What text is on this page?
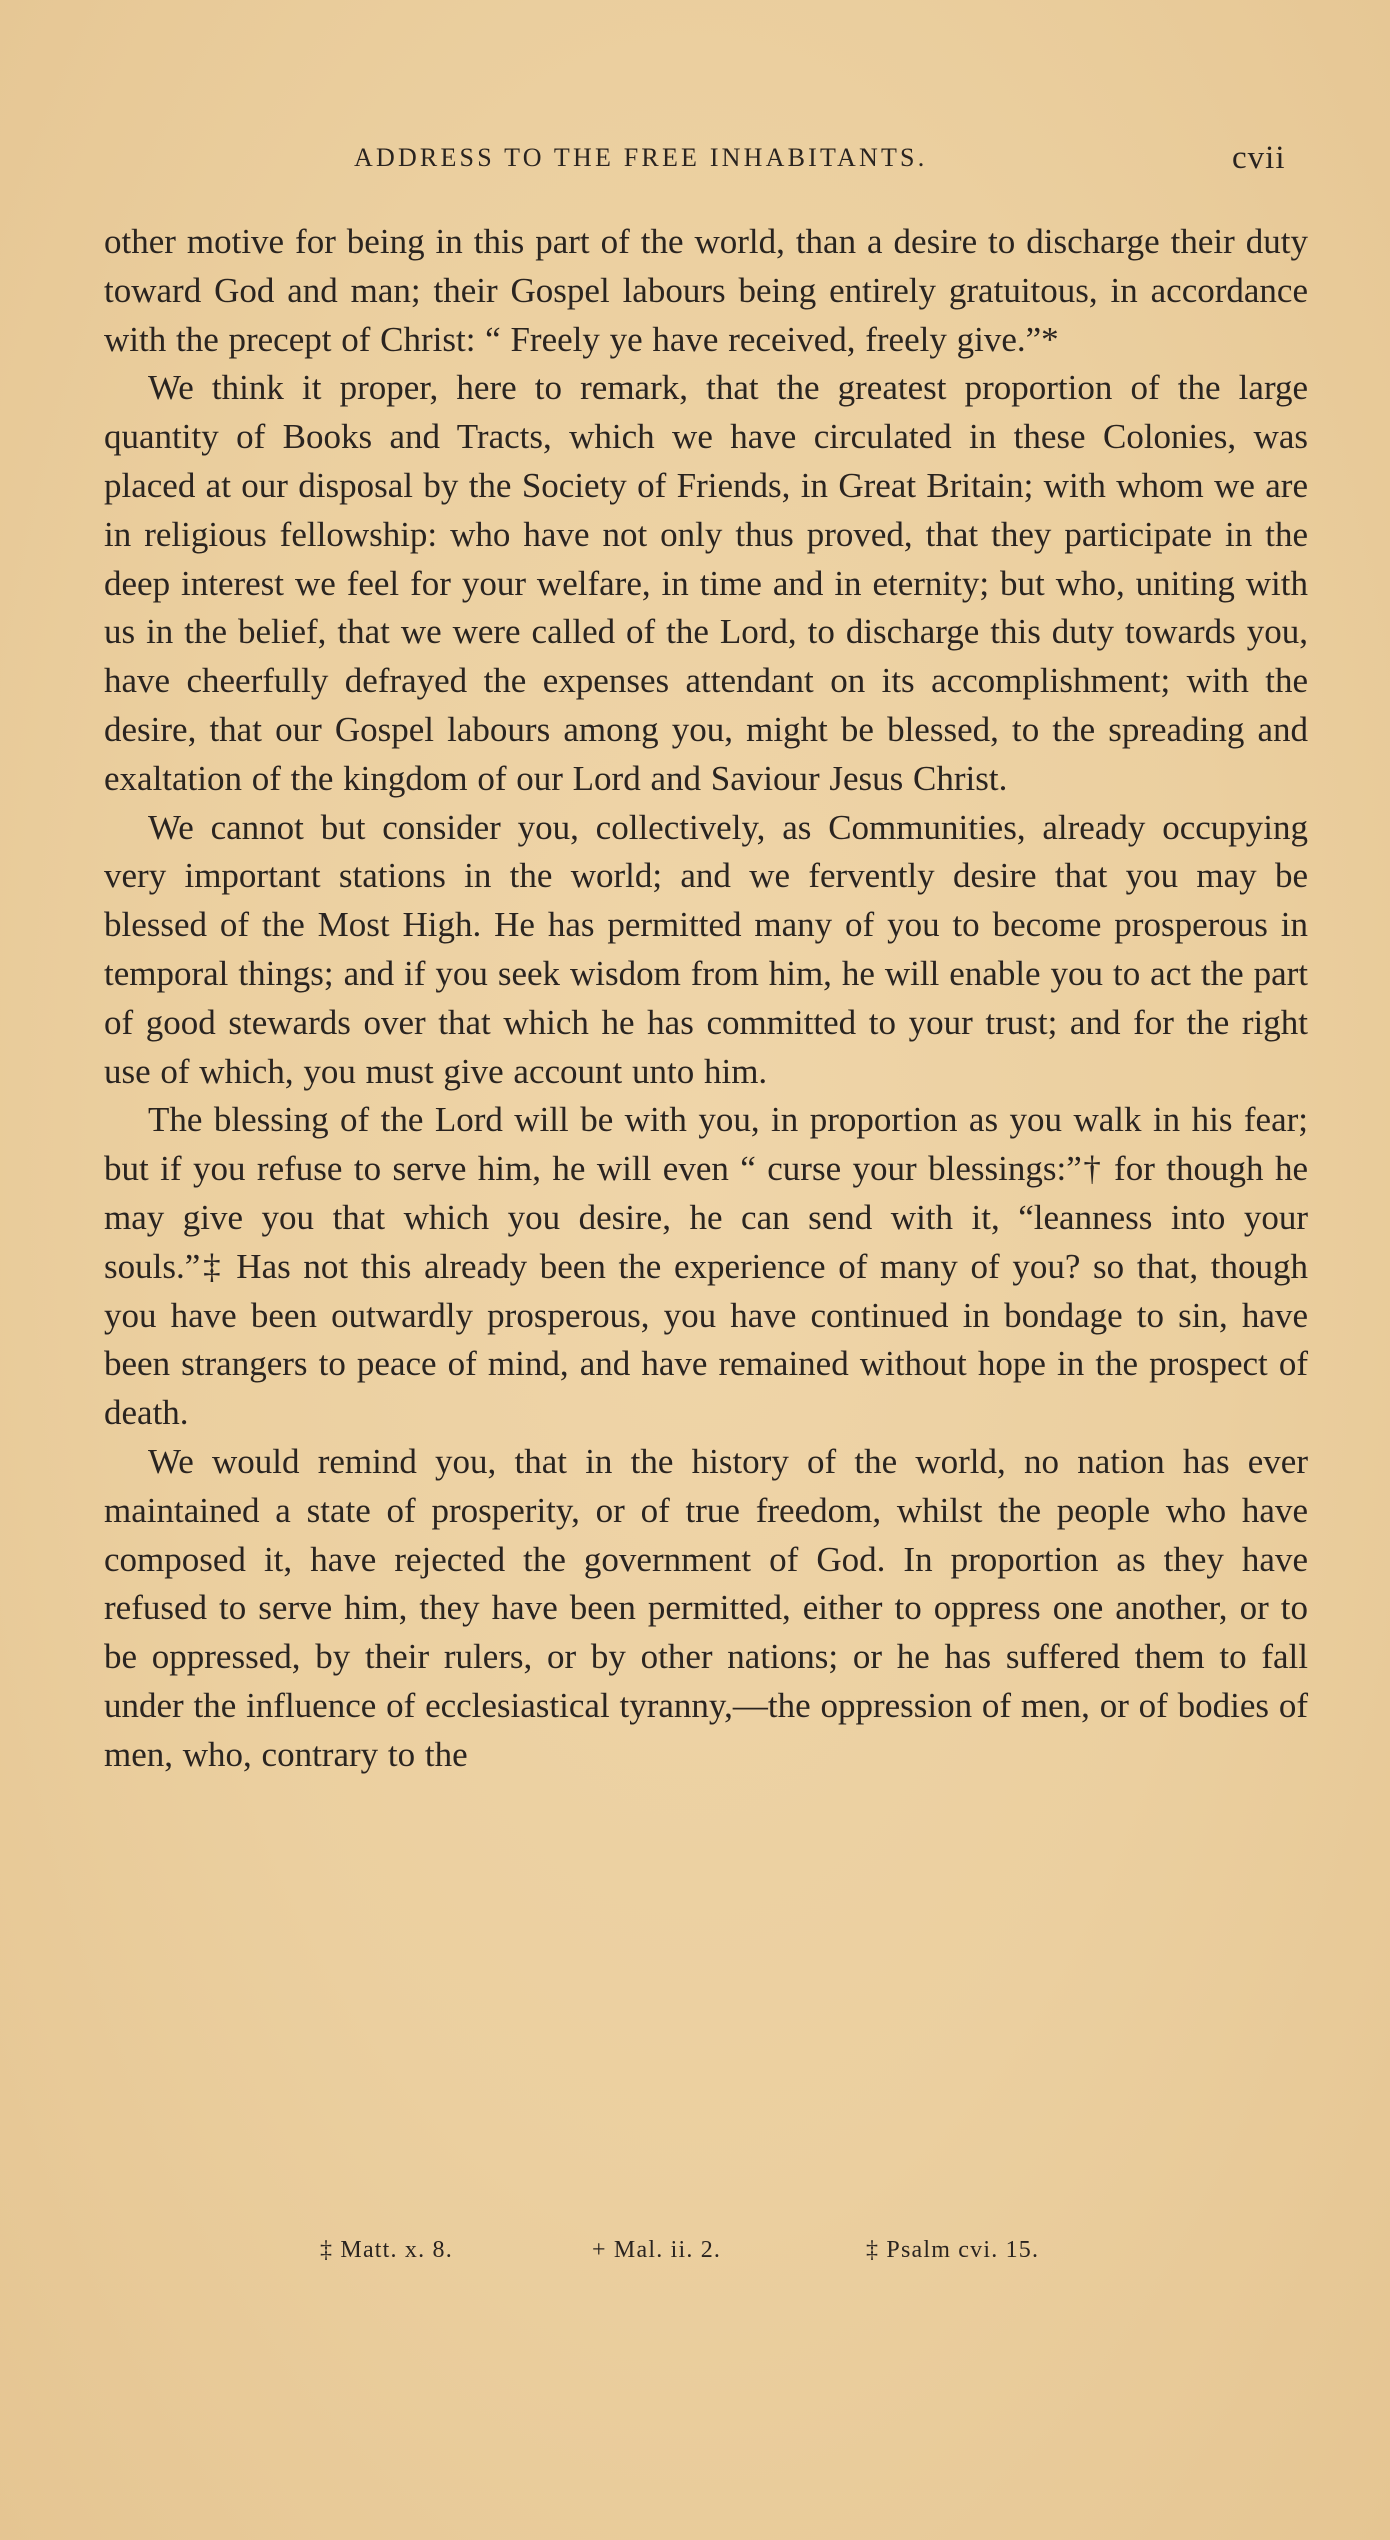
ADDRESS TO THE FREE INHABITANTS.	cvii

other motive for being in this part of the world, than a desire to discharge their duty toward God and man; their Gospel labours being entirely gratuitous, in accordance with the precept of Christ: “ Freely ye have received, freely give.”*

We think it proper, here to remark, that the greatest proportion of the large quantity of Books and Tracts, which we have circulated in these Colonies, was placed at our disposal by the Society of Friends, in Great Britain; with whom we are in religious fellowship: who have not only thus proved, that they participate in the deep interest we feel for your welfare, in time and in eternity; but who, uniting with us in the belief, that we were called of the Lord, to discharge this duty towards you, have cheerfully defrayed the expenses attendant on its accomplishment; with the desire, that our Gospel labours among you, might be blessed, to the spreading and exaltation of the kingdom of our Lord and Saviour Jesus Christ.

We cannot but consider you, collectively, as Communities, already occupying very important stations in the world; and we fervently desire that you may be blessed of the Most High. He has permitted many of you to become prosperous in temporal things; and if you seek wisdom from him, he will enable you to act the part of good stewards over that which he has committed to your trust; and for the right use of which, you must give account unto him.

The blessing of the Lord will be with you, in proportion as you walk in his fear; but if you refuse to serve him, he will even “ curse your blessings:”† for though he may give you that which you desire, he can send with it, “leanness into your souls.”‡ Has not this already been the experience of many of you? so that, though you have been outwardly prosperous, you have continued in bondage to sin, have been strangers to peace of mind, and have remained without hope in the prospect of death.

We would remind you, that in the history of the world, no nation has ever maintained a state of prosperity, or of true freedom, whilst the people who have composed it, have rejected the government of God. In proportion as they have refused to serve him, they have been permitted, either to oppress one another, or to be oppressed, by their rulers, or by other nations; or he has suffered them to fall under the influence of ecclesiastical tyranny,—the oppression of men, or of bodies of men, who, contrary to the

‡ Matt. x. 8.	+ Mal. ii. 2.	‡ Psalm cvi. 15.
